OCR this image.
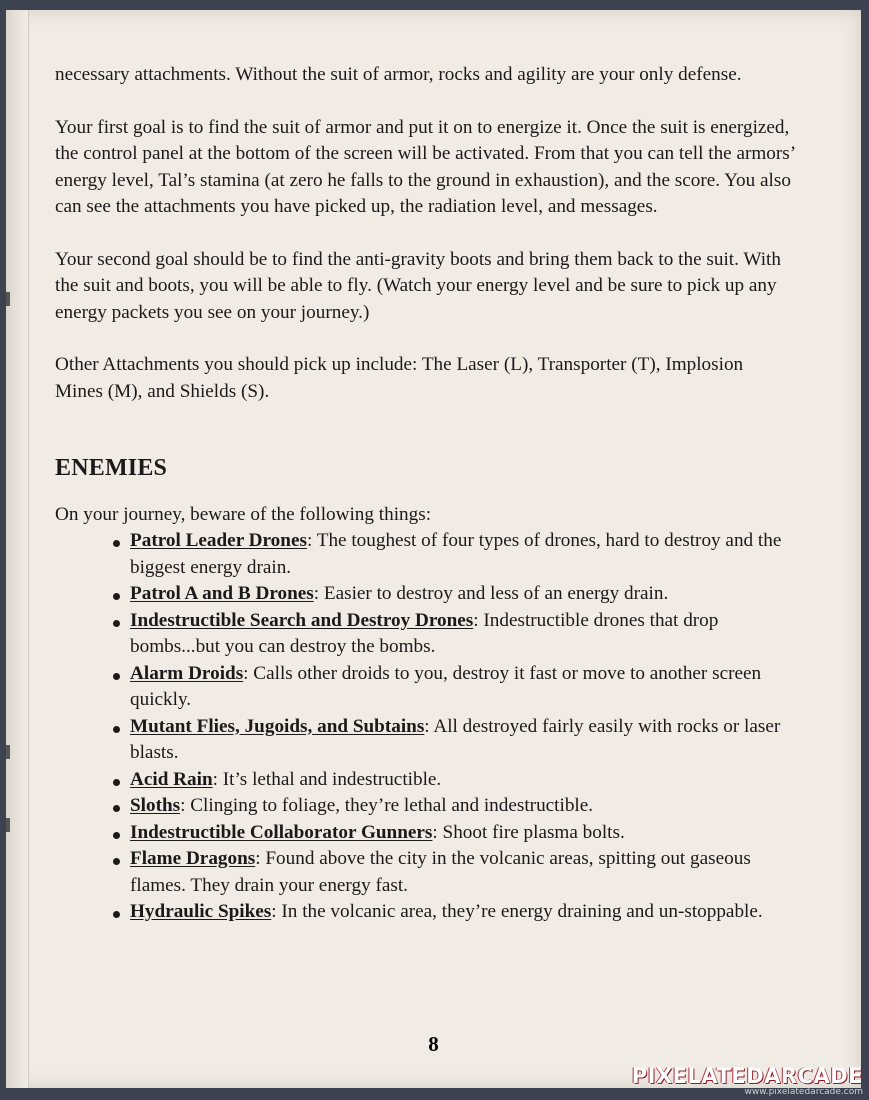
necessary attachments. Without the suit of armor, rocks and agility are your only defense.

Your first goal is to find the suit of armor and put it on to energize it. Once the suit is energized, the control panel at the bottom of the screen will be activated. From that you can tell the armors’ energy level, Tal’s stamina (at zero he falls to the ground in exhaustion), and the score. You also can see the attachments you have picked up, the radiation level, and messages.

Your second goal should be to find the anti-gravity boots and bring them back to the suit. With the suit and boots, you will be able to fly. (Watch your energy level and be sure to pick up any energy packets you see on your journey.)

Other Attachments you should pick up include: The Laser (L), Transporter (T), Implosion Mines (M), and Shields (S).

ENEMIES

On your journey, beware of the following things:

Patrol Leader Drones: The toughest of four types of drones, hard to destroy and the biggest energy drain.
Patrol A and B Drones: Easier to destroy and less of an energy drain.
Indestructible Search and Destroy Drones: Indestructible drones that drop bombs...but you can destroy the bombs.
Alarm Droids: Calls other droids to you, destroy it fast or move to another screen quickly.
Mutant Flies, Jugoids, and Subtains: All destroyed fairly easily with rocks or laser blasts.
Acid Rain: It’s lethal and indestructible.
Sloths: Clinging to foliage, they’re lethal and indestructible.
Indestructible Collaborator Gunners: Shoot fire plasma bolts.
Flame Dragons: Found above the city in the volcanic areas, spitting out gaseous flames. They drain your energy fast.
Hydraulic Spikes: In the volcanic area, they’re energy draining and un-stoppable.
8
PIXELATEDARCADE
www.pixelatedarcade.com
